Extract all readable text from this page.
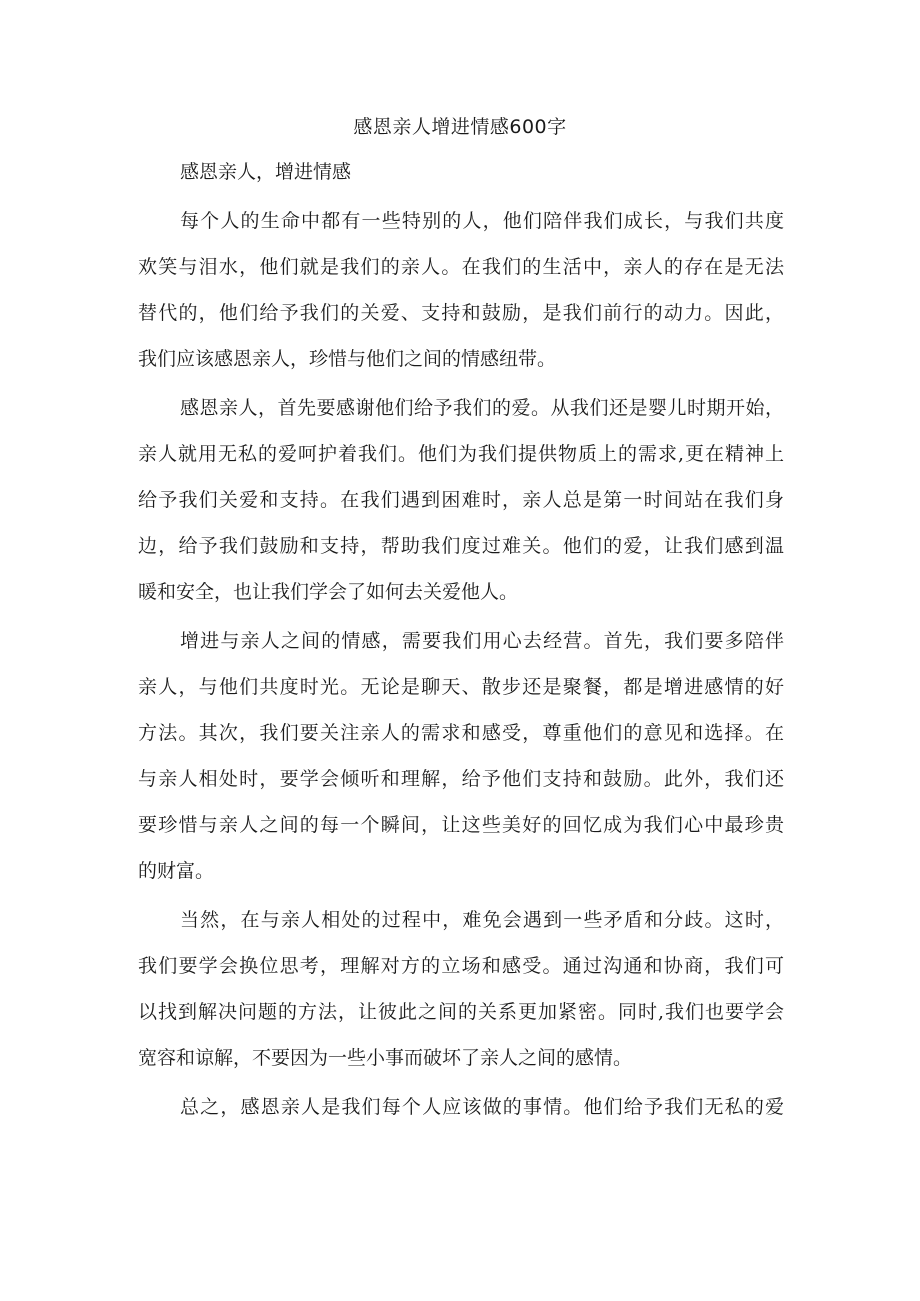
感恩亲人增进情感600字
感恩亲人，增进情感

每个人的生命中都有一些特别的人，他们陪伴我们成长，与我们共度

欢笑与泪水，他们就是我们的亲人。在我们的生活中，亲人的存在是无法

替代的，他们给予我们的关爱、支持和鼓励，是我们前行的动力。因此，

我们应该感恩亲人，珍惜与他们之间的情感纽带。

感恩亲人，首先要感谢他们给予我们的爱。从我们还是婴儿时期开始，

亲人就用无私的爱呵护着我们。他们为我们提供物质上的需求,更在精神上

给予我们关爱和支持。在我们遇到困难时，亲人总是第一时间站在我们身

边，给予我们鼓励和支持，帮助我们度过难关。他们的爱，让我们感到温

暖和安全，也让我们学会了如何去关爱他人。

增进与亲人之间的情感，需要我们用心去经营。首先，我们要多陪伴

亲人，与他们共度时光。无论是聊天、散步还是聚餐，都是增进感情的好

方法。其次，我们要关注亲人的需求和感受，尊重他们的意见和选择。在

与亲人相处时，要学会倾听和理解，给予他们支持和鼓励。此外，我们还

要珍惜与亲人之间的每一个瞬间，让这些美好的回忆成为我们心中最珍贵

的财富。

当然，在与亲人相处的过程中，难免会遇到一些矛盾和分歧。这时，

我们要学会换位思考，理解对方的立场和感受。通过沟通和协商，我们可

以找到解决问题的方法，让彼此之间的关系更加紧密。同时,我们也要学会

宽容和谅解，不要因为一些小事而破坏了亲人之间的感情。

总之，感恩亲人是我们每个人应该做的事情。他们给予我们无私的爱
